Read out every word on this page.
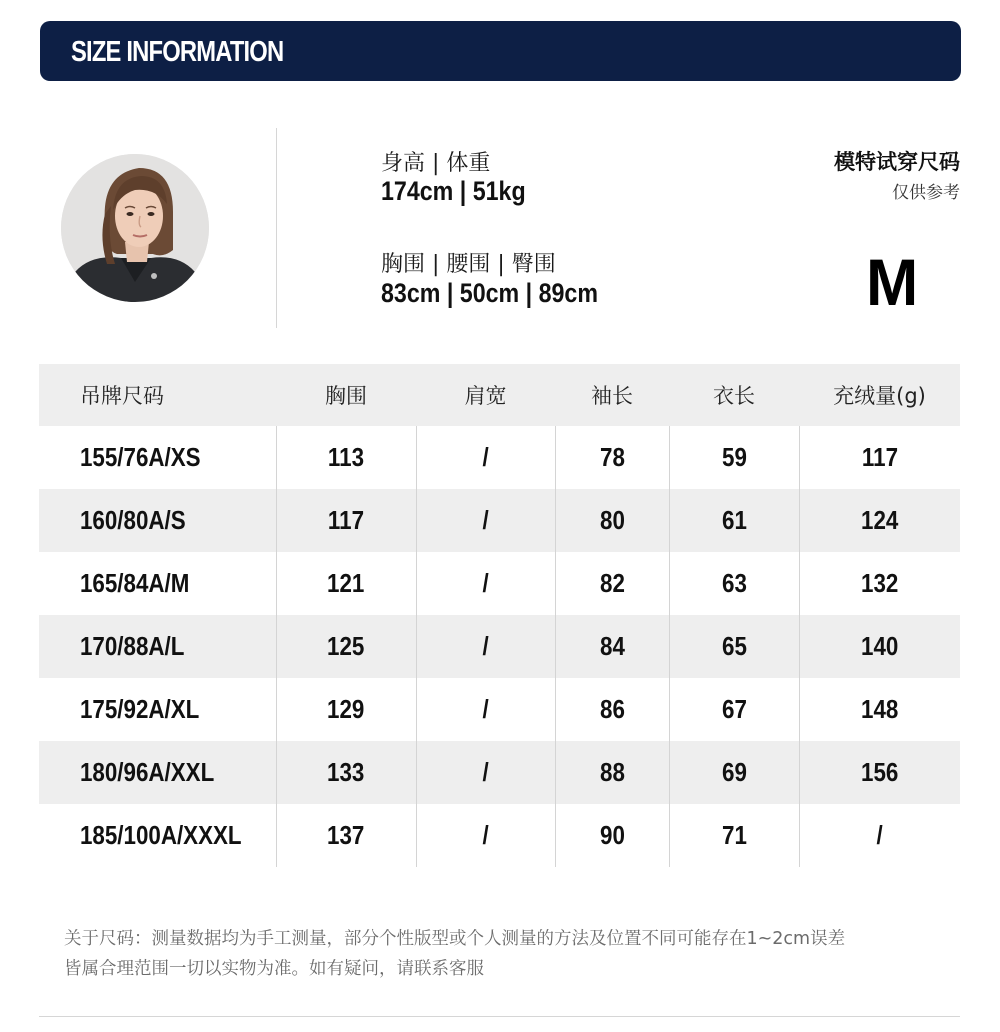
SIZE INFORMATION
身高 | 体重
174cm | 51kg
胸围 | 腰围 | 臀围
83cm | 50cm | 89cm
模特试穿尺码
仅供参考
M
吊牌尺码	胸围	肩宽	袖长	衣长	充绒量(g)
155/76A/XS	113	/	78	59	117
160/80A/S	117	/	80	61	124
165/84A/M	121	/	82	63	132
170/88A/L	125	/	84	65	140
175/92A/XL	129	/	86	67	148
180/96A/XXL	133	/	88	69	156
185/100A/XXXL	137	/	90	71	/
关于尺码：测量数据均为手工测量，部分个性版型或个人测量的方法及位置不同可能存在1~2cm误差
皆属合理范围一切以实物为准。如有疑问，请联系客服
